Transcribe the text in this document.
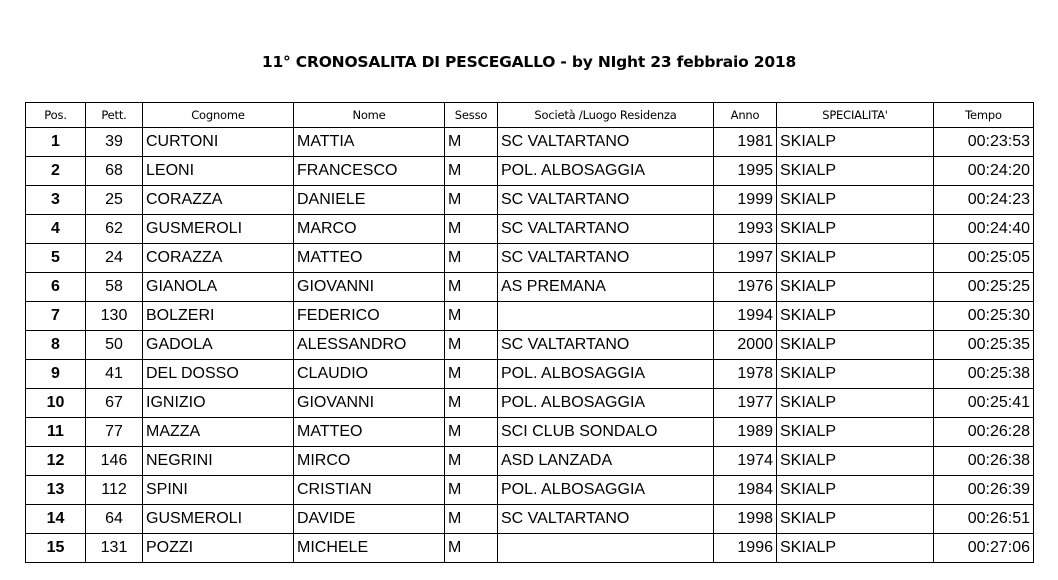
11° CRONOSALITA DI PESCEGALLO - by NIght 23 febbraio 2018
Pos.	Pett.	Cognome	Nome	Sesso	Società /Luogo Residenza	Anno	SPECIALITA'	Tempo
1	39	CURTONI	MATTIA	M	SC VALTARTANO	1981	SKIALP	00:23:53
2	68	LEONI	FRANCESCO	M	POL. ALBOSAGGIA	1995	SKIALP	00:24:20
3	25	CORAZZA	DANIELE	M	SC VALTARTANO	1999	SKIALP	00:24:23
4	62	GUSMEROLI	MARCO	M	SC VALTARTANO	1993	SKIALP	00:24:40
5	24	CORAZZA	MATTEO	M	SC VALTARTANO	1997	SKIALP	00:25:05
6	58	GIANOLA	GIOVANNI	M	AS PREMANA	1976	SKIALP	00:25:25
7	130	BOLZERI	FEDERICO	M		1994	SKIALP	00:25:30
8	50	GADOLA	ALESSANDRO	M	SC VALTARTANO	2000	SKIALP	00:25:35
9	41	DEL DOSSO	CLAUDIO	M	POL. ALBOSAGGIA	1978	SKIALP	00:25:38
10	67	IGNIZIO	GIOVANNI	M	POL. ALBOSAGGIA	1977	SKIALP	00:25:41
11	77	MAZZA	MATTEO	M	SCI CLUB SONDALO	1989	SKIALP	00:26:28
12	146	NEGRINI	MIRCO	M	ASD LANZADA	1974	SKIALP	00:26:38
13	112	SPINI	CRISTIAN	M	POL. ALBOSAGGIA	1984	SKIALP	00:26:39
14	64	GUSMEROLI	DAVIDE	M	SC VALTARTANO	1998	SKIALP	00:26:51
15	131	POZZI	MICHELE	M		1996	SKIALP	00:27:06
